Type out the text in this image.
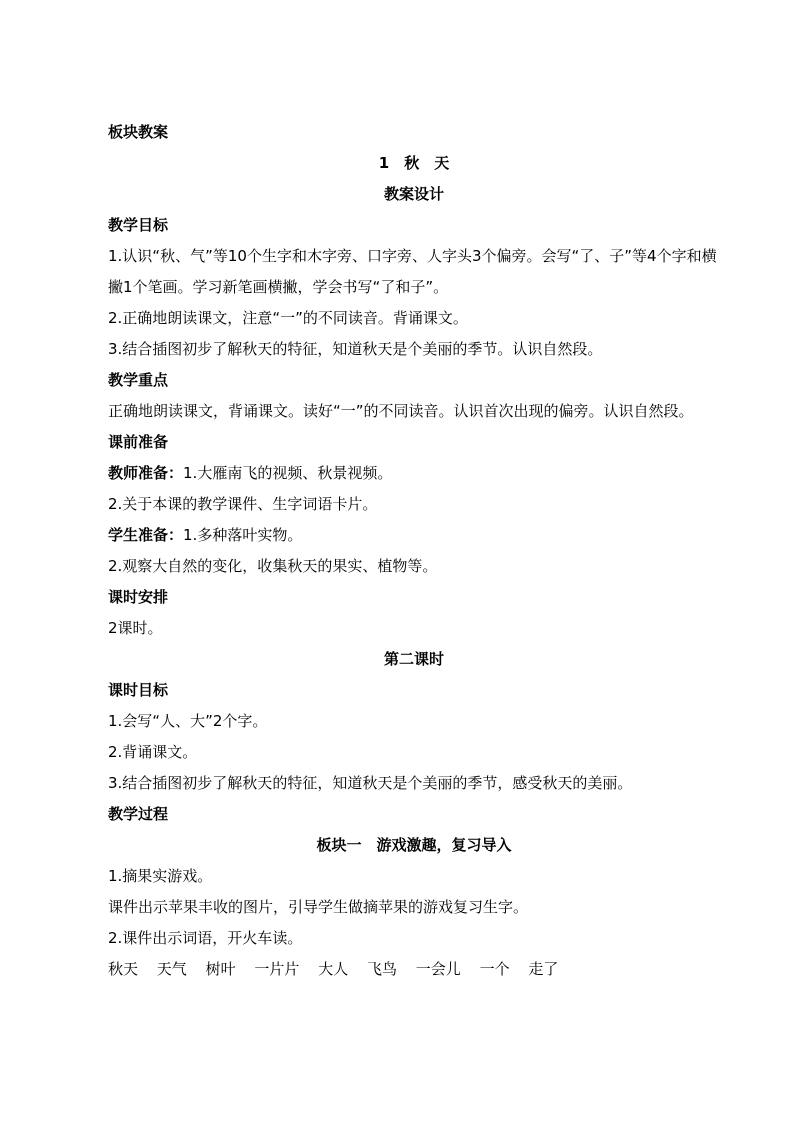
板块教案
1　秋　天
教案设计
教学目标
1.认识“秋、气”等10个生字和木字旁、口字旁、人字头3个偏旁。会写“了、子”等4个字和横撇1个笔画。学习新笔画横撇，学会书写“了和子”。
2.正确地朗读课文，注意“一”的不同读音。背诵课文。
3.结合插图初步了解秋天的特征，知道秋天是个美丽的季节。认识自然段。
教学重点
正确地朗读课文，背诵课文。读好“一”的不同读音。认识首次出现的偏旁。认识自然段。
课前准备
教师准备：1.大雁南飞的视频、秋景视频。
2.关于本课的教学课件、生字词语卡片。
学生准备：1.多种落叶实物。
2.观察大自然的变化，收集秋天的果实、植物等。
课时安排
2课时。
第二课时
课时目标
1.会写“人、大”2个字。
2.背诵课文。
3.结合插图初步了解秋天的特征，知道秋天是个美丽的季节，感受秋天的美丽。
教学过程
板块一　游戏激趣，复习导入
1.摘果实游戏。
课件出示苹果丰收的图片，引导学生做摘苹果的游戏复习生字。
2.课件出示词语，开火车读。
秋天 天气 树叶 一片片 大人 飞鸟 一会儿 一个 走了
